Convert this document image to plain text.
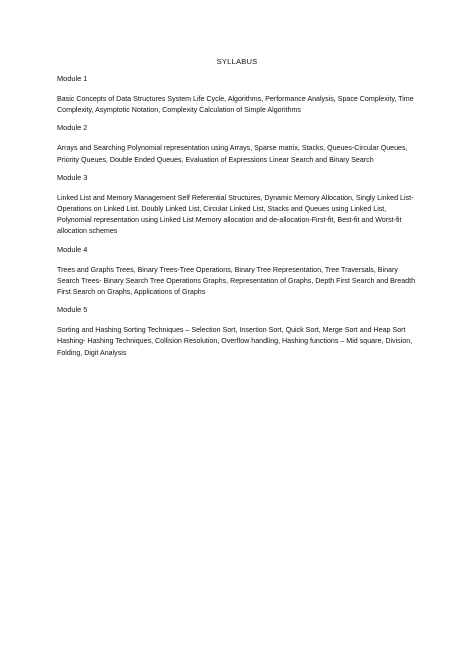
SYLLABUS
Module 1
Basic Concepts of Data Structures System Life Cycle, Algorithms, Performance Analysis, Space Complexity, Time Complexity, Asymptotic Notation, Complexity Calculation of Simple Algorithms
Module 2
Arrays and Searching Polynomial representation using Arrays, Sparse matrix, Stacks, Queues-Circular Queues, Priority Queues, Double Ended Queues, Evaluation of Expressions Linear Search and Binary Search
Module 3
Linked List and Memory Management Self Referential Structures, Dynamic Memory Allocation, Singly Linked List-Operations on Linked List. Doubly Linked List, Circular Linked List, Stacks and Queues using Linked List, Polynomial representation using Linked List Memory allocation and de-allocation-First-fit, Best-fit and Worst-fit allocation schemes
Module 4
Trees and Graphs Trees, Binary Trees-Tree Operations, Binary Tree Representation, Tree Traversals, Binary Search Trees- Binary Search Tree Operations Graphs, Representation of Graphs, Depth First Search and Breadth First Search on Graphs, Applications of Graphs
Module 5
Sorting and Hashing Sorting Techniques – Selection Sort, Insertion Sort, Quick Sort, Merge Sort and Heap Sort Hashing- Hashing Techniques, Collision Resolution, Overflow handling, Hashing functions – Mid square, Division, Folding, Digit Analysis
